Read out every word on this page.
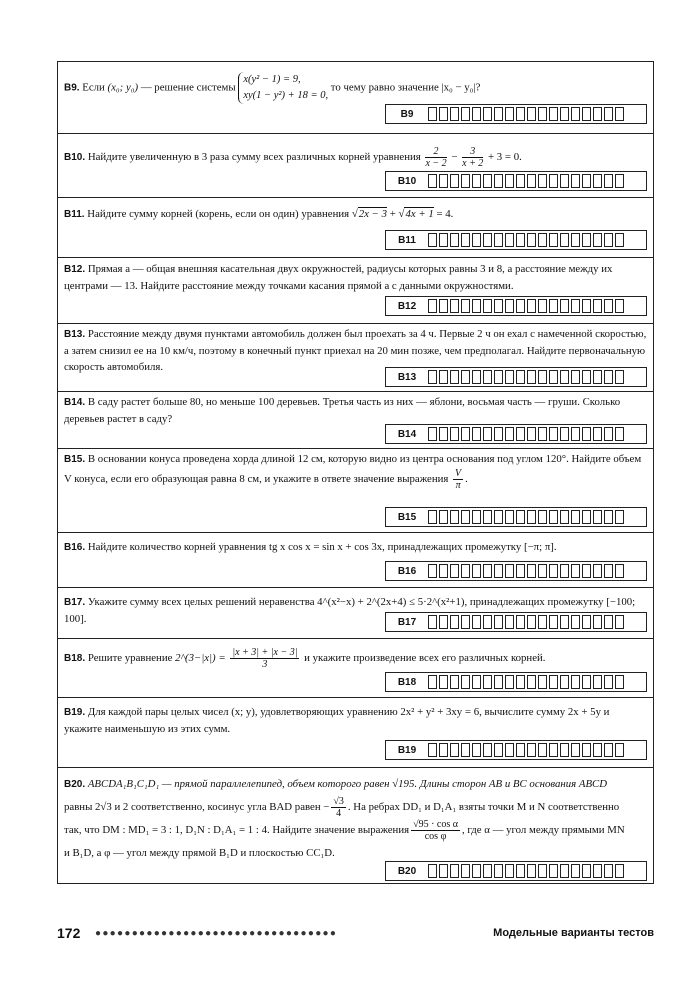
B9. Если (x₀; y₀) — решение системы
x(y² − 1) = 9,
xy(1 − y²) + 18 = 0,
то чему равно значение |x₀ − y₀|?
B9
B10. Найдите увеличенную в 3 раза сумму всех различных корней уравнения $\frac{2}{x - 2} - \frac{3}{x + 2} + 3 = 0$.
B10
B11. Найдите сумму корней (корень, если он один) уравнения √2x − 3 + √4x + 1 = 4.
B11
B12. Прямая a — общая внешняя касательная двух окружностей, радиусы которых равны 3 и 8, а расстояние между их центрами — 13. Найдите расстояние между точками касания прямой a с данными окружностями.
B12
B13. Расстояние между двумя пунктами автомобиль должен был проехать за 4 ч. Первые 2 ч он ехал с намеченной скоростью, а затем снизил ее на 10 км/ч, поэтому в конечный пункт приехал на 20 мин позже, чем предполагал. Найдите первоначальную скорость автомобиля.
B13
B14. В саду растет больше 80, но меньше 100 деревьев. Третья часть из них — яблони, восьмая часть — груши. Сколько деревьев растет в саду?
B14
B15. В основании конуса проведена хорда длиной 12 см, которую видно из центра основания под углом 120°. Найдите объем V конуса, если его образующая равна 8 см, и укажите в ответе значение выражения $\frac{V}{\pi}$ .
B15
B16. Найдите количество корней уравнения tg x cos x = sin x + cos 3x, принадлежащих промежутку [−π; π].
B16
B17. Укажите сумму всех целых решений неравенства 4^(x²−x) + 2^(2x+4) ≤ 5·2^(x²+1), принадлежащих промежутку [−100; 100].	B17
B18. Решите уравнение 2^(3−|x|) = $\frac{|x + 3| + |x - 3|}{3}$ и укажите произведение всех его различных корней.
B18
B19. Для каждой пары целых чисел (x; y), удовлетворяющих уравнению 2x² + y² + 3xy = 6, вычислите сумму 2x + 5y и укажите наименьшую из этих сумм.
B19
B20. ABCDA₁B₁C₁D₁ — прямой параллелепипед, объем которого равен √195. Длины сторон AB и BC основания ABCD
равны 2√3 и 2 соответственно, косинус угла BAD равен − $\frac{√3}{4}$ . На ребрах DD₁ и D₁A₁ взяты точки M и N соответственно
так, что DM : MD₁ = 3 : 1, D₁N : D₁A₁ = 1 : 4. Найдите значение выражения $\frac{\text{√95 · cos α}}{\text{cos φ}}$ , где α — угол между прямыми MN
и B₁D, а φ — угол между прямой B₁D и плоскостью CC₁D.
B20
172 ●●●●●●●●●●●●●●●●●●●●●●●●●●●●●●●●●	Модельные варианты тестов
